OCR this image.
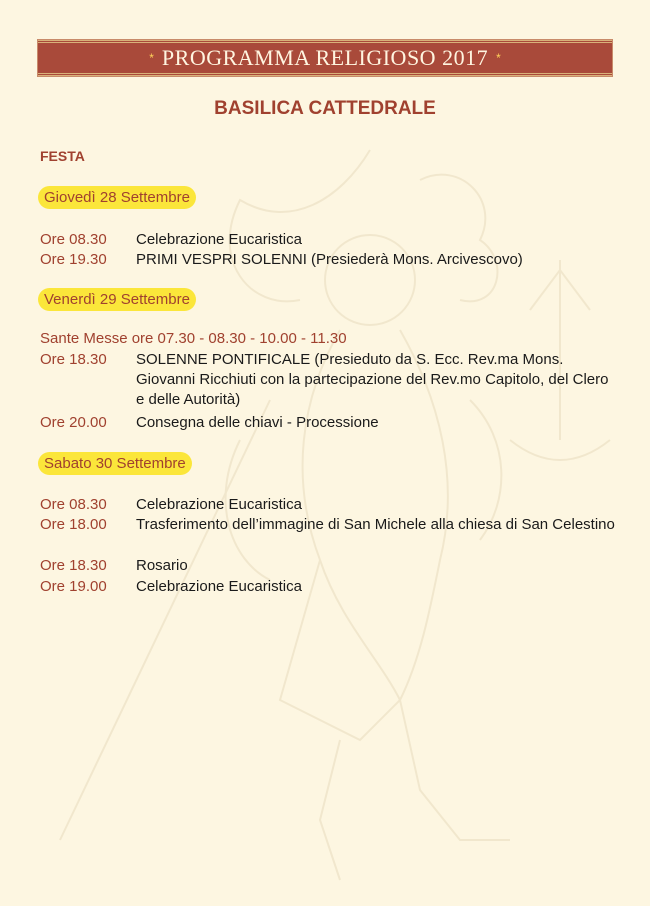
* PROGRAMMA RELIGIOSO 2017 *
BASILICA CATTEDRALE
FESTA
Giovedì 28 Settembre
Ore 08.30 Celebrazione Eucaristica
Ore 19.30 PRIMI VESPRI SOLENNI (Presiederà Mons. Arcivescovo)
Venerdì 29 Settembre
Sante Messe ore 07.30 - 08.30 - 10.00 - 11.30
Ore 18.30 SOLENNE PONTIFICALE (Presieduto da S. Ecc. Rev.ma Mons. Giovanni Ricchiuti con la partecipazione del Rev.mo Capitolo, del Clero e delle Autorità)
Ore 20.00 Consegna delle chiavi - Processione
Sabato 30 Settembre
Ore 08.30 Celebrazione Eucaristica
Ore 18.00 Trasferimento dell’immagine di San Michele alla chiesa di San Celestino
Ore 18.30 Rosario
Ore 19.00 Celebrazione Eucaristica
